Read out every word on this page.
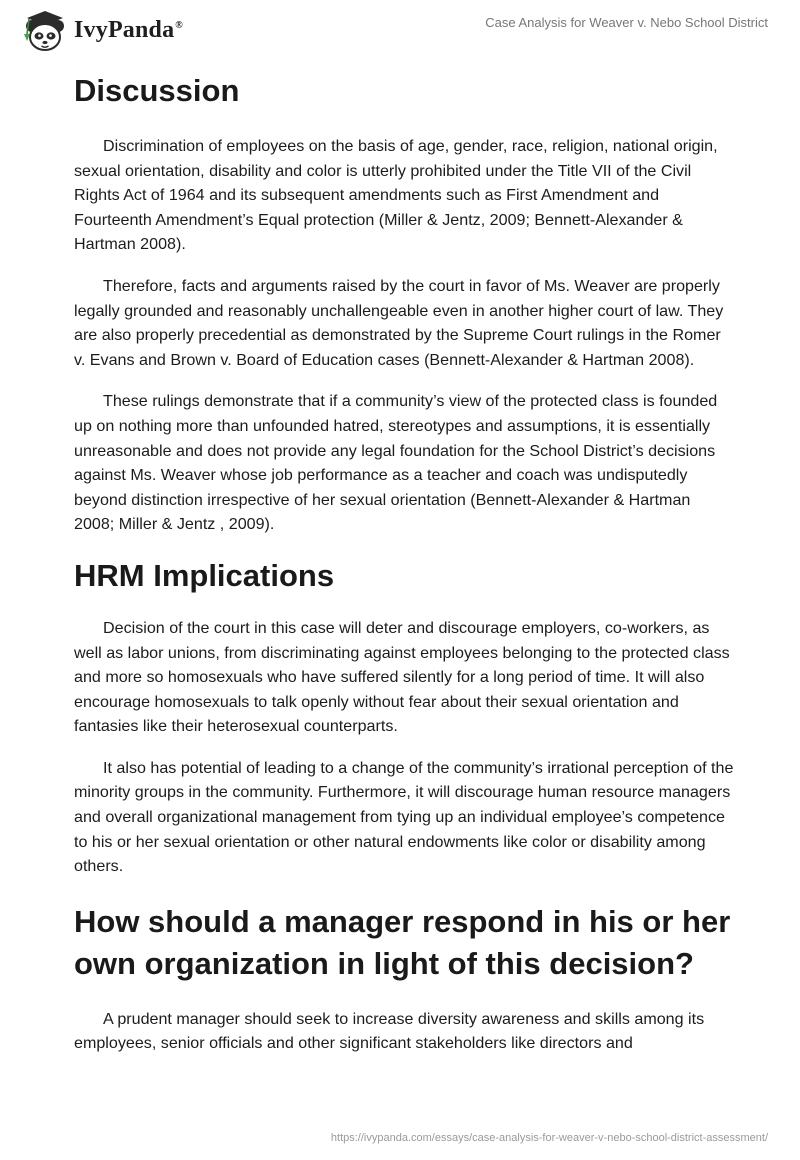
IvyPanda®	Case Analysis for Weaver v. Nebo School District
Discussion

Discrimination of employees on the basis of age, gender, race, religion, national origin, sexual orientation, disability and color is utterly prohibited under the Title VII of the Civil Rights Act of 1964 and its subsequent amendments such as First Amendment and Fourteenth Amendment’s Equal protection (Miller & Jentz, 2009; Bennett-Alexander & Hartman 2008).

Therefore, facts and arguments raised by the court in favor of Ms. Weaver are properly legally grounded and reasonably unchallengeable even in another higher court of law. They are also properly precedential as demonstrated by the Supreme Court rulings in the Romer v. Evans and Brown v. Board of Education cases (Bennett-Alexander & Hartman 2008).

These rulings demonstrate that if a community’s view of the protected class is founded up on nothing more than unfounded hatred, stereotypes and assumptions, it is essentially unreasonable and does not provide any legal foundation for the School District’s decisions against Ms. Weaver whose job performance as a teacher and coach was undisputedly beyond distinction irrespective of her sexual orientation (Bennett-Alexander & Hartman 2008; Miller & Jentz , 2009).

HRM Implications

Decision of the court in this case will deter and discourage employers, co-workers, as well as labor unions, from discriminating against employees belonging to the protected class and more so homosexuals who have suffered silently for a long period of time. It will also encourage homosexuals to talk openly without fear about their sexual orientation and fantasies like their heterosexual counterparts.

It also has potential of leading to a change of the community’s irrational perception of the minority groups in the community. Furthermore, it will discourage human resource managers and overall organizational management from tying up an individual employee’s competence to his or her sexual orientation or other natural endowments like color or disability among others.

How should a manager respond in his or her own organization in light of this decision?

A prudent manager should seek to increase diversity awareness and skills among its employees, senior officials and other significant stakeholders like directors and

https://ivypanda.com/essays/case-analysis-for-weaver-v-nebo-school-district-assessment/
